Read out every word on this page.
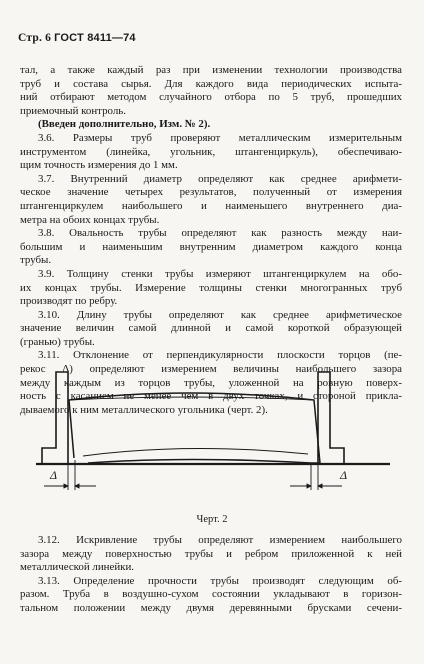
Стр. 6 ГОСТ 8411—74
тал, а также каждый раз при изменении технологии производства
труб и состава сырья. Для каждого вида периодических испыта-
ний отбирают методом случайного отбора по 5 труб, прошедших
приемочный контроль.
(Введен дополнительно, Изм. № 2).
3.6. Размеры труб проверяют металлическим измерительным
инструментом (линейка, угольник, штангенциркуль), обеспечиваю-
щим точность измерения до 1 мм.
3.7. Внутренний диаметр определяют как среднее арифмети-
ческое значение четырех результатов, полученный от измерения
штангенциркулем наибольшего и наименьшего внутреннего диа-
метра на обоих концах трубы.
3.8. Овальность трубы определяют как разность между наи-
большим и наименьшим внутренним диаметром каждого конца
трубы.
3.9. Толщину стенки трубы измеряют штангенциркулем на обо-
их концах трубы. Измерение толщины стенки многогранных труб
производят по ребру.
3.10. Длину трубы определяют как среднее арифметическое
значение величин самой длинной и самой короткой образующей
(гранью) трубы.
3.11. Отклонение от перпендикулярности плоскости торцов (пе-
рекос Δ) определяют измерением величины наибольшего зазора
между каждым из торцов трубы, уложенной на ровную поверх-
ность с касанием не менее чем в двух точках, и стороной прикла-
дываемого к ним металлического угольника (черт. 2).
Δ	Δ
Черт. 2
3.12. Искривление трубы определяют измерением наибольшего
зазора между поверхностью трубы и ребром приложенной к ней
металлической линейки.
3.13. Определение прочности трубы производят следующим об-
разом. Труба в воздушно-сухом состоянии укладывают в горизон-
тальном положении между двумя деревянными брусками сечени-
